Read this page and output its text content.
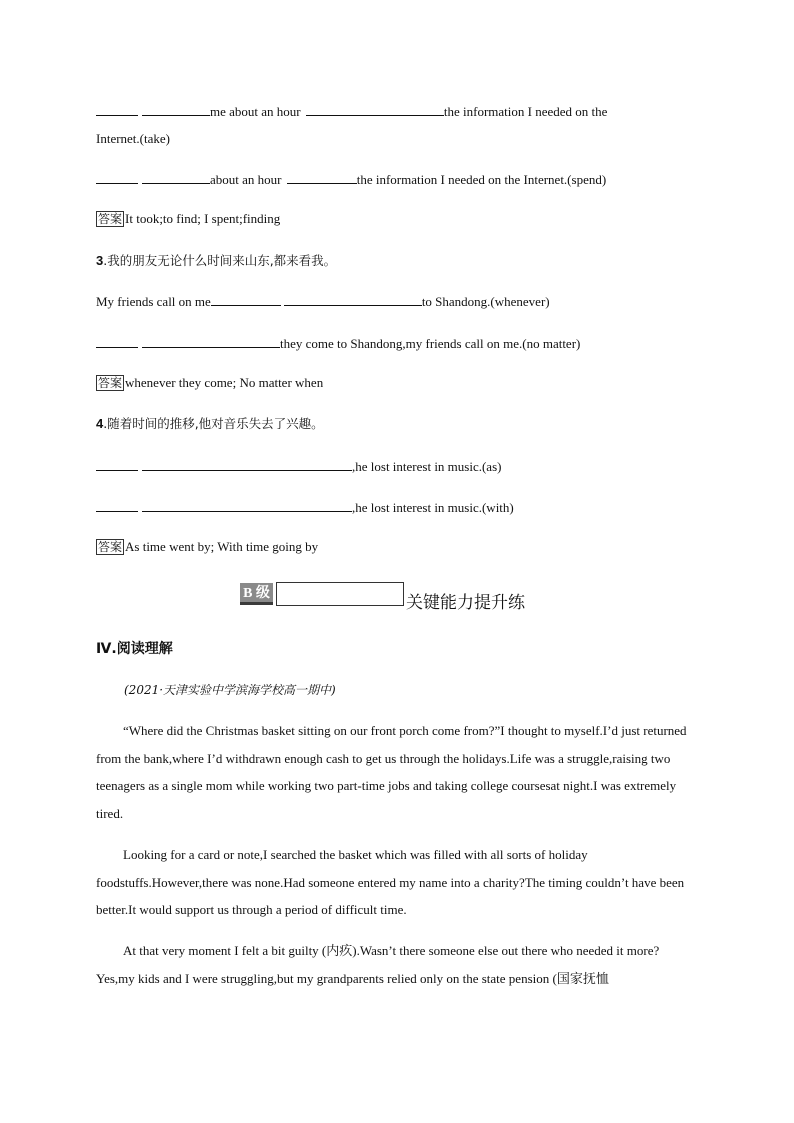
me about an hour	the information I needed on the
Internet.(take)
about an hour	the information I needed on the Internet.(spend)
答案 It took;to find; I spent;finding
3.我的朋友无论什么时间来山东,都来看我。
My friends call on me	to Shandong.(whenever)
they come to Shandong,my friends call on me.(no matter)
答案 whenever they come; No matter when
4.随着时间的推移,他对音乐失去了兴趣。
,he lost interest in music.(as)
,he lost interest in music.(with)
答案 As time went by; With time going by
Ⅳ.阅读理解
(2021·天津实验中学滨海学校高一期中)
“Where did the Christmas basket sitting on our front porch come from?”I thought to myself.I’d just returned from the bank,where I’d withdrawn enough cash to get us through the holidays.Life was a struggle,raising two teenagers as a single mom while working two part-time jobs and taking college coursesat night.I was extremely tired.
Looking for a card or note,I searched the basket which was filled with all sorts of holiday foodstuffs.However,there was none.Had someone entered my name into a charity?The timing couldn’t have been better.It would support us through a period of difficult time.
At that very moment I felt a bit guilty (内疚).Wasn’t there someone else out there who needed it more?Yes,my kids and I were struggling,but my grandparents relied only on the state pension (国家抚恤
B 级	关键能力提升练
